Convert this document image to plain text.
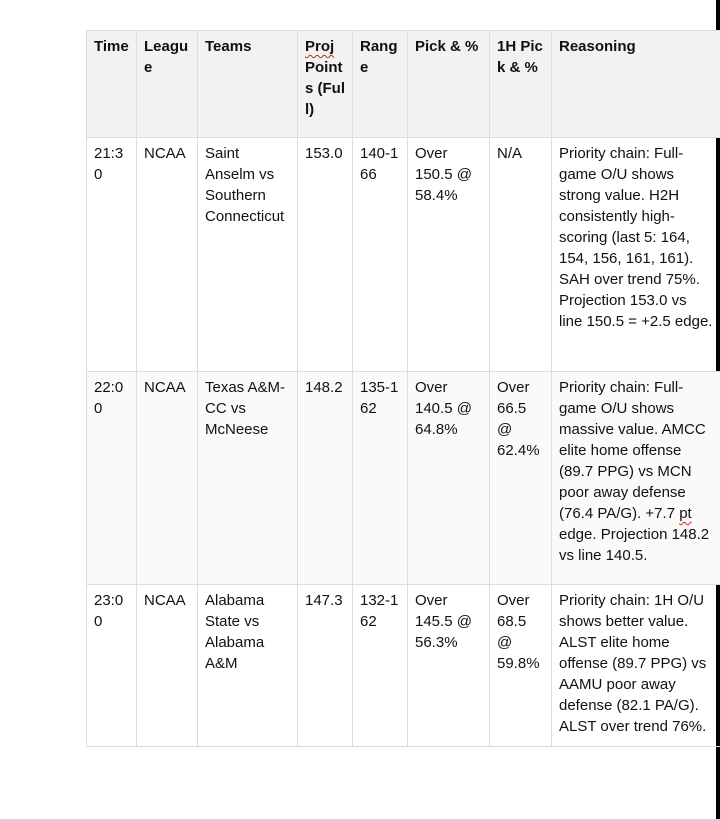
Time	League	Teams	Proj Points (Full)	Range	Pick & %	1H Pick & %	Reasoning
21:30	NCAA	Saint Anselm vs Southern Connecticut	153.0	140-166	Over 150.5 @ 58.4%	N/A	Priority chain: Full-game O/U shows strong value. H2H consistently high-scoring (last 5: 164, 154, 156, 161, 161). SAH over trend 75%. Projection 153.0 vs line 150.5 = +2.5 edge.
22:00	NCAA	Texas A&M-CC vs McNeese	148.2	135-162	Over 140.5 @ 64.8%	Over 66.5 @ 62.4%	Priority chain: Full-game O/U shows massive value. AMCC elite home offense (89.7 PPG) vs MCN poor away defense (76.4 PA/G). +7.7 pt edge. Projection 148.2 vs line 140.5.
23:00	NCAA	Alabama State vs Alabama A&M	147.3	132-162	Over 145.5 @ 56.3%	Over 68.5 @ 59.8%	Priority chain: 1H O/U shows better value. ALST elite home offense (89.7 PPG) vs AAMU poor away defense (82.1 PA/G). ALST over trend 76%.
